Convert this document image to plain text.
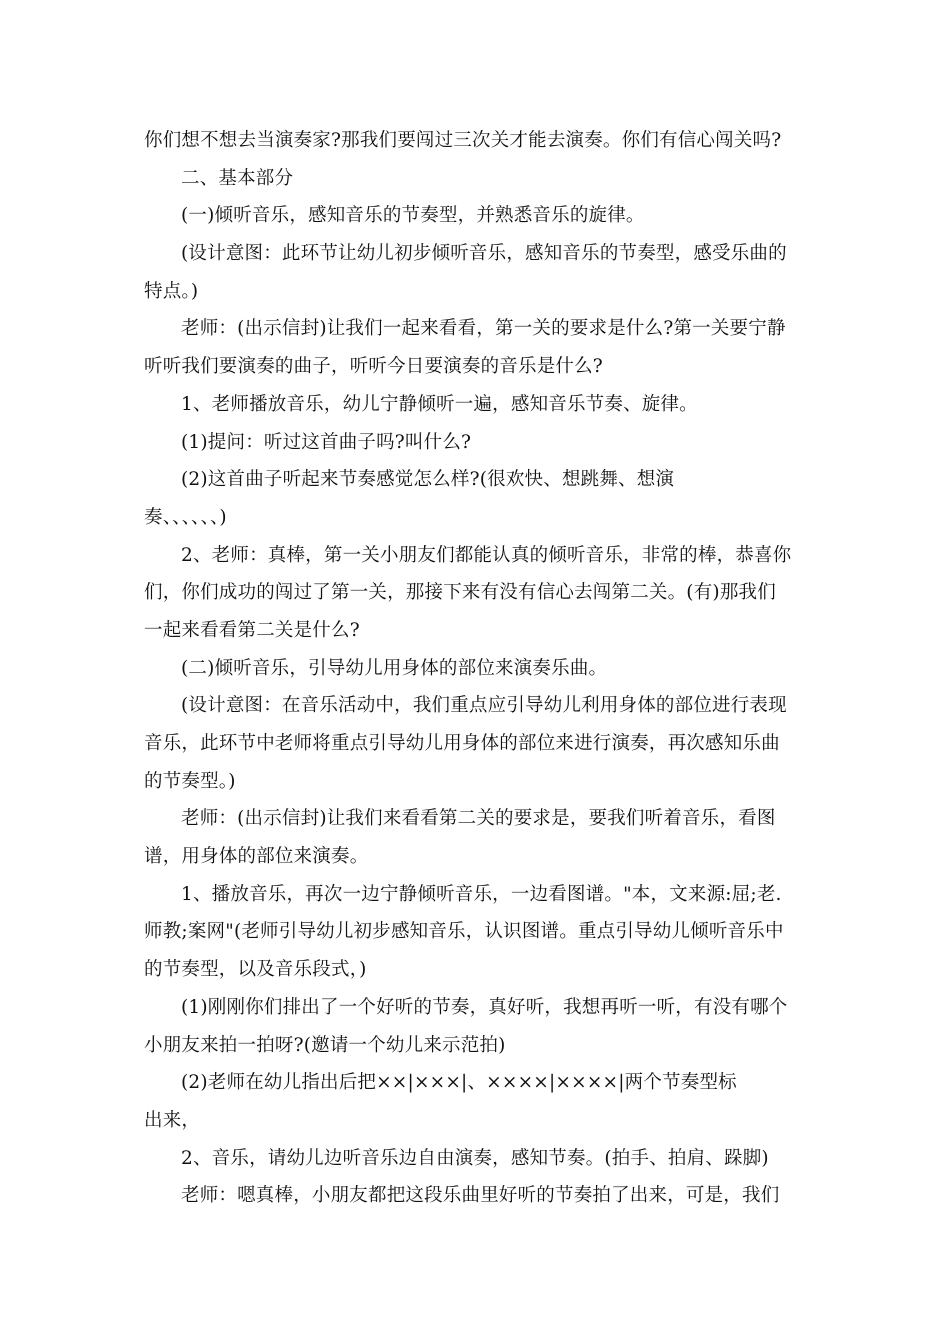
你们想不想去当演奏家?那我们要闯过三次关才能去演奏。你们有信心闯关吗?
二、基本部分
(一)倾听音乐，感知音乐的节奏型，并熟悉音乐的旋律。
(设计意图：此环节让幼儿初步倾听音乐，感知音乐的节奏型，感受乐曲的
特点。)
老师：(出示信封)让我们一起来看看，第一关的要求是什么?第一关要宁静
听听我们要演奏的曲子，听听今日要演奏的音乐是什么?
1、老师播放音乐，幼儿宁静倾听一遍，感知音乐节奏、旋律。
(1)提问：听过这首曲子吗?叫什么?
(2)这首曲子听起来节奏感觉怎么样?(很欢快、想跳舞、想演
奏、、、、、、)
2、老师：真棒，第一关小朋友们都能认真的倾听音乐，非常的棒，恭喜你
们，你们成功的闯过了第一关，那接下来有没有信心去闯第二关。(有)那我们
一起来看看第二关是什么?
(二)倾听音乐，引导幼儿用身体的部位来演奏乐曲。
(设计意图：在音乐活动中，我们重点应引导幼儿利用身体的部位进行表现
音乐，此环节中老师将重点引导幼儿用身体的部位来进行演奏，再次感知乐曲
的节奏型。)
老师：(出示信封)让我们来看看第二关的要求是，要我们听着音乐，看图
谱，用身体的部位来演奏。
1、播放音乐，再次一边宁静倾听音乐，一边看图谱。"本，文来源:屈;老.
师教;案网"(老师引导幼儿初步感知音乐，认识图谱。重点引导幼儿倾听音乐中
的节奏型，以及音乐段式，)
(1)刚刚你们排出了一个好听的节奏，真好听，我想再听一听，有没有哪个
小朋友来拍一拍呀?(邀请一个幼儿来示范拍)
(2)老师在幼儿指出后把××|×××|、××××|××××|两个节奏型标
出来，
2、音乐，请幼儿边听音乐边自由演奏，感知节奏。(拍手、拍肩、跺脚)
老师：嗯真棒，小朋友都把这段乐曲里好听的节奏拍了出来，可是，我们
